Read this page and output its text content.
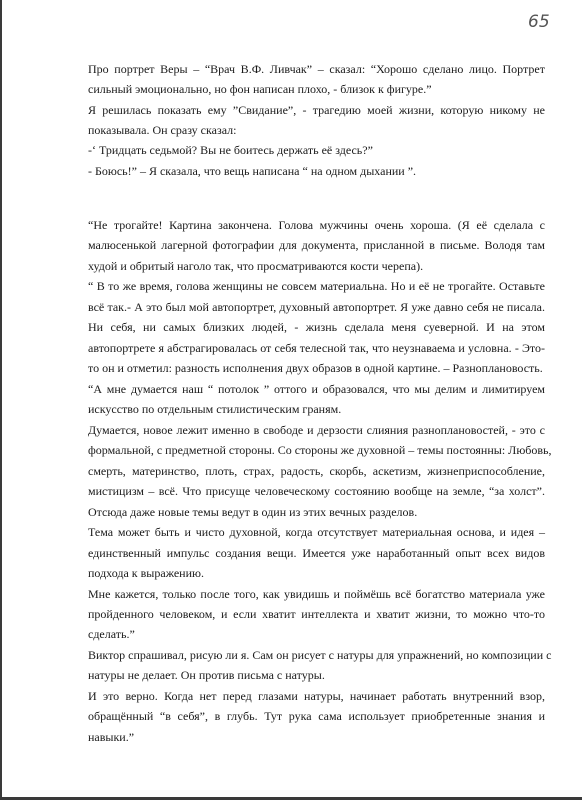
65
Про портрет Веры – “Врач В.Ф. Ливчак” – сказал: “Хорошо сделано лицо. Портрет
сильный эмоционально, но фон написан плохо, - близок к фигуре.”
Я решилась показать ему ”Свидание”, - трагедию моей жизни, которую никому не
показывала. Он сразу сказал:
-‘ Тридцать седьмой? Вы не боитесь держать её здесь?”
- Боюсь!” – Я сказала, что вещь написана “ на одном дыхании ”.
“Не трогайте! Картина закончена. Голова мужчины очень хороша. (Я её сделала с
малюсенькой лагерной фотографии для документа, присланной в письме. Володя там
худой и обритый наголо так, что просматриваются кости черепа).
“ В то же время, голова женщины не совсем материальна. Но и её не трогайте. Оставьте
всё так.- А это был мой автопортрет, духовный автопортрет. Я уже давно себя не писала.
Ни себя, ни самых близких людей, - жизнь сделала меня суеверной. И на этом
автопортрете я абстрагировалась от себя телесной так, что неузнаваема и условна. - Это-
то он и отметил: разность исполнения двух образов в одной картине. – Разноплановость.
“А мне думается наш “ потолок ” оттого и образовался, что мы делим и лимитируем
искусство по отдельным стилистическим граням.
Думается, новое лежит именно в свободе и дерзости слияния разноплановостей, - это с
формальной, с предметной стороны. Со стороны же духовной – темы постоянны: Любовь,
смерть, материнство, плоть, страх, радость, скорбь, аскетизм, жизнеприспособление,
мистицизм – всё. Что присуще человеческому состоянию вообще на земле, “за холст”.
Отсюда даже новые темы ведут в один из этих вечных разделов.
Тема может быть и чисто духовной, когда отсутствует материальная основа, и идея –
единственный импульс создания вещи. Имеется уже наработанный опыт всех видов
подхода к выражению.
Мне кажется, только после того, как увидишь и поймёшь всё богатство материала уже
пройденного человеком, и если хватит интеллекта и хватит жизни, то можно что-то
сделать.”
Виктор спрашивал, рисую ли я. Сам он рисует с натуры для упражнений, но композиции с
натуры не делает. Он против письма с натуры.
И это верно. Когда нет перед глазами натуры, начинает работать внутренний взор,
обращённый “в себя”, в глубь. Тут рука сама использует приобретенные знания и
навыки.”
